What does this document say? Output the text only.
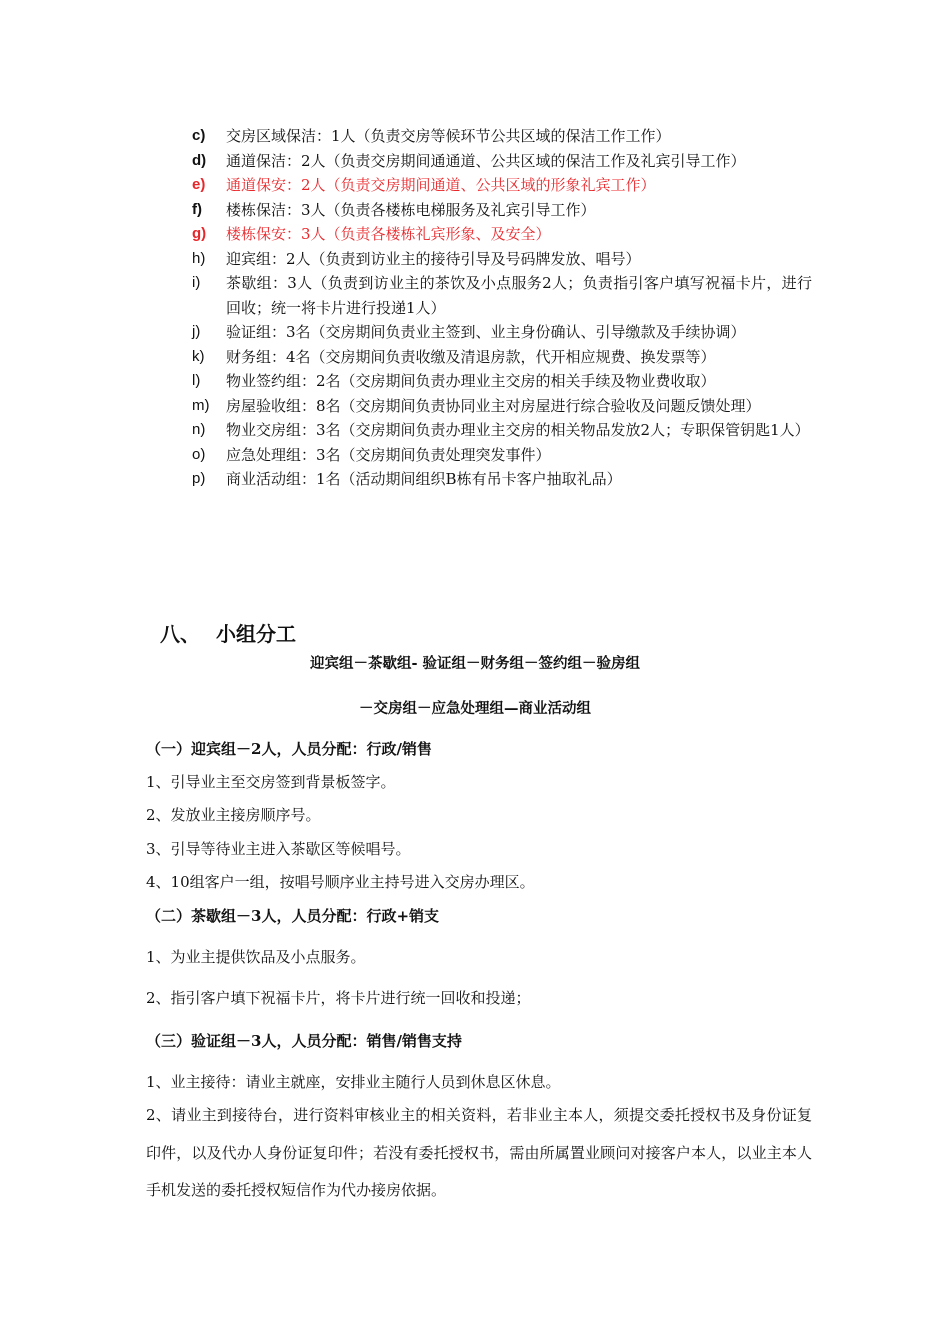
c)	交房区域保洁：1人（负责交房等候环节公共区域的保洁工作工作）
d)	通道保洁：2人（负责交房期间通通道、公共区域的保洁工作及礼宾引导工作）
e)	通道保安：2人（负责交房期间通道、公共区域的形象礼宾工作）
f)	楼栋保洁：3人（负责各楼栋电梯服务及礼宾引导工作）
g)	楼栋保安：3人（负责各楼栋礼宾形象、及安全）
h)	迎宾组：2人（负责到访业主的接待引导及号码牌发放、唱号）
i)	茶歇组：3人（负责到访业主的茶饮及小点服务2人；负责指引客户填写祝福卡片，进行回收；统一将卡片进行投递1人）
j)	验证组：3名（交房期间负责业主签到、业主身份确认、引导缴款及手续协调）
k)	财务组：4名（交房期间负责收缴及清退房款，代开相应规费、换发票等）
l)	物业签约组：2名（交房期间负责办理业主交房的相关手续及物业费收取）
m)	房屋验收组：8名（交房期间负责协同业主对房屋进行综合验收及问题反馈处理）
n)	物业交房组：3名（交房期间负责办理业主交房的相关物品发放2人；专职保管钥匙1人）
o)	应急处理组：3名（交房期间负责处理突发事件）
p)	商业活动组：1名（活动期间组织B栋有吊卡客户抽取礼品）
八、 小组分工
迎宾组－茶歇组- 验证组－财务组－签约组－验房组
－交房组－应急处理组—商业活动组
（一）迎宾组－2人，人员分配：行政/销售
1、引导业主至交房签到背景板签字。
2、发放业主接房顺序号。
3、引导等待业主进入茶歇区等候唱号。
4、10组客户一组，按唱号顺序业主持号进入交房办理区。
（二）茶歇组－3人，人员分配：行政+销支
1、为业主提供饮品及小点服务。
2、指引客户填下祝福卡片，将卡片进行统一回收和投递；
（三）验证组－3人，人员分配：销售/销售支持
1、业主接待：请业主就座，安排业主随行人员到休息区休息。
2、请业主到接待台，进行资料审核业主的相关资料，若非业主本人，须提交委托授权书及身份证复印件，以及代办人身份证复印件；若没有委托授权书，需由所属置业顾问对接客户本人，以业主本人手机发送的委托授权短信作为代办接房依据。
